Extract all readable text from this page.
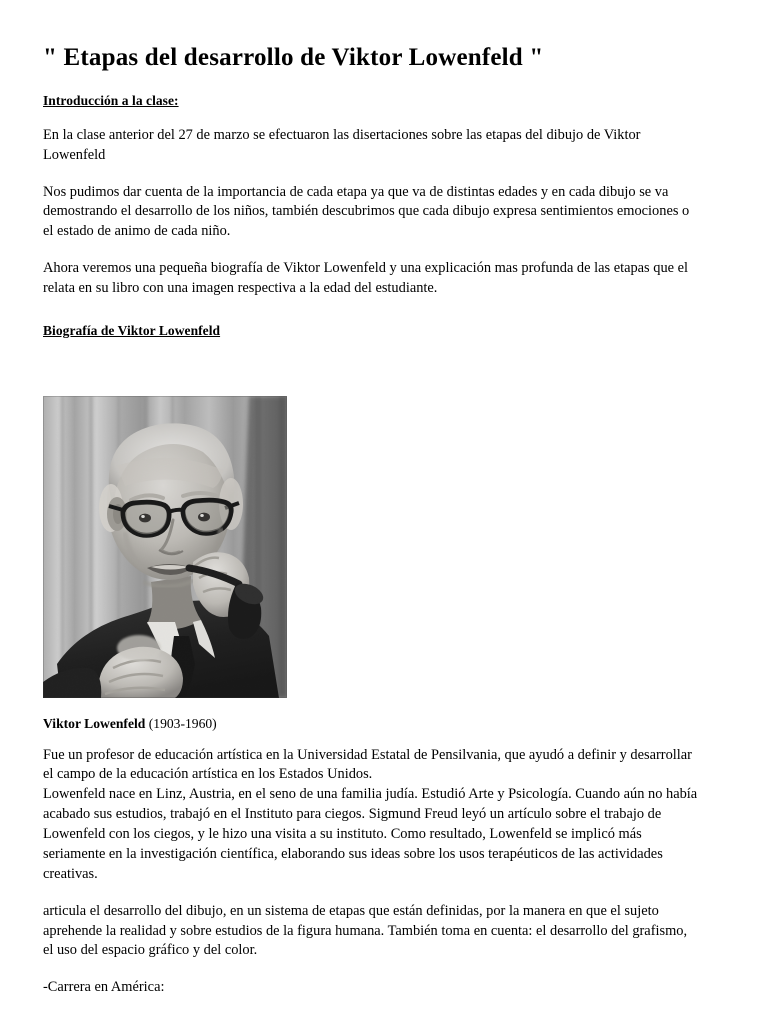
" Etapas del desarrollo de Viktor Lowenfeld "
Introducción a la clase:

En la clase anterior del 27 de marzo se efectuaron las disertaciones sobre las etapas del dibujo de Viktor Lowenfeld

Nos pudimos dar cuenta de la importancia de cada etapa ya que va de distintas edades y en cada dibujo se va demostrando el desarrollo de los niños, también descubrimos que cada dibujo expresa sentimientos emociones o el estado de animo de cada niño.

Ahora veremos una pequeña biografía de Viktor Lowenfeld y una explicación mas profunda de las etapas que el relata en su libro con una imagen respectiva a la edad del estudiante.

Biografía de Viktor Lowenfeld
Viktor Lowenfeld (1903-1960)

Fue un profesor de educación artística en la Universidad Estatal de Pensilvania, que ayudó a definir y desarrollar el campo de la educación artística en los Estados Unidos.

Lowenfeld nace en Linz, Austria, en el seno de una familia judía. Estudió Arte y Psicología. Cuando aún no había acabado sus estudios, trabajó en el Instituto para ciegos. Sigmund Freud leyó un artículo sobre el trabajo de Lowenfeld con los ciegos, y le hizo una visita a su instituto. Como resultado, Lowenfeld se implicó más seriamente en la investigación científica, elaborando sus ideas sobre los usos terapéuticos de las actividades creativas.

articula el desarrollo del dibujo, en un sistema de etapas que están definidas, por la manera en que el sujeto aprehende la realidad y sobre estudios de la figura humana. También toma en cuenta: el desarrollo del grafismo, el uso del espacio gráfico y del color.

-Carrera en América:
